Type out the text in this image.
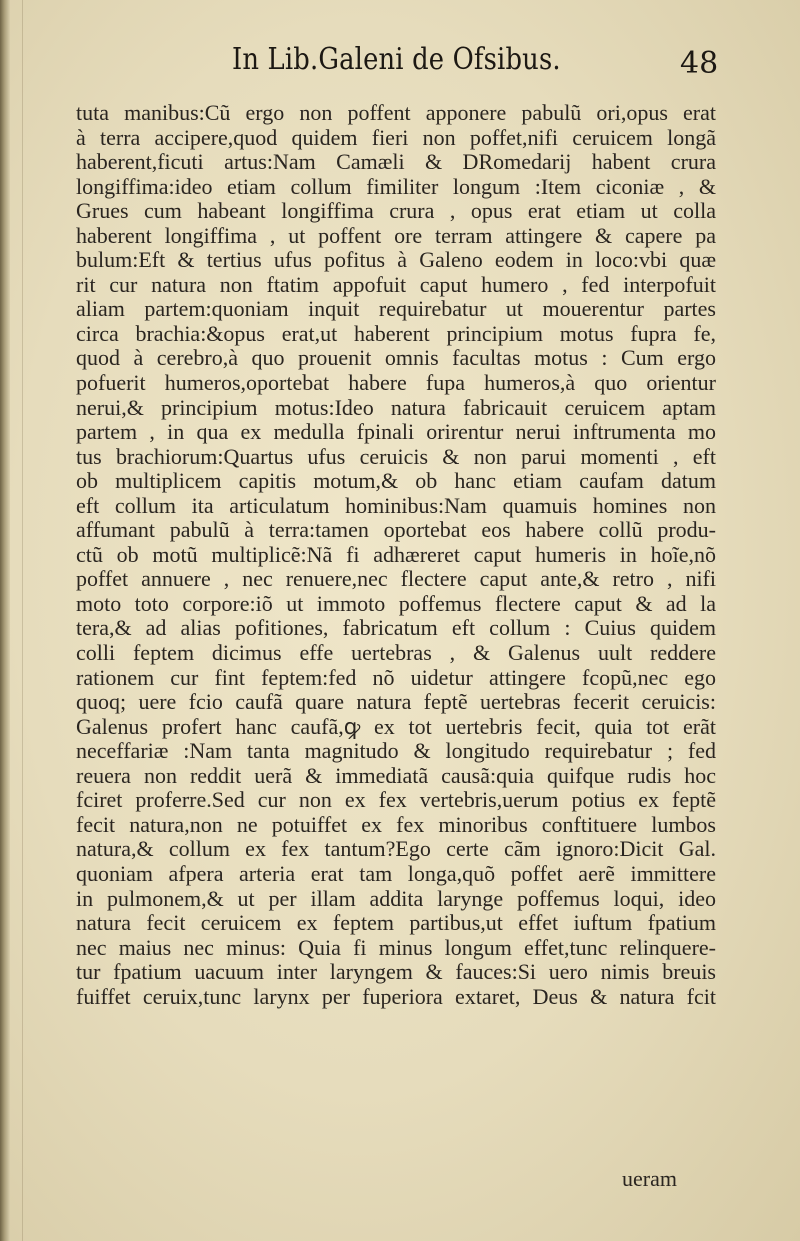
In Lib.Galeni de Ofsibus.	48
tuta manibus:Cũ ergo non poffent apponere pabulũ ori,opus erat
à terra accipere,quod quidem fieri non poffet,nifi ceruicem longã
haberent,ficuti artus:Nam Camæli & DRomedarij habent crura
longiffima:ideo etiam collum fimiliter longum :Item ciconiæ , &
Grues cum habeant longiffima crura , opus erat etiam ut colla
haberent longiffima , ut poffent ore terram attingere & capere pa
bulum:Eft & tertius ufus pofitus à Galeno eodem in loco:vbi quæ
rit cur natura non ftatim appofuit caput humero , fed interpofuit
aliam partem:quoniam inquit requirebatur ut mouerentur partes
circa brachia:&opus erat,ut haberent principium motus fupra fe,
quod à cerebro,à quo prouenit omnis facultas motus : Cum ergo
pofuerit humeros,oportebat habere fupa humeros,à quo orientur
nerui,& principium motus:Ideo natura fabricauit ceruicem aptam
partem , in qua ex medulla fpinali orirentur nerui inftrumenta mo
tus brachiorum:Quartus ufus ceruicis & non parui momenti , eft
ob multiplicem capitis motum,& ob hanc etiam caufam datum
eft collum ita articulatum hominibus:Nam quamuis homines non
affumant pabulũ à terra:tamen oportebat eos habere collũ produ-
ctũ ob motũ multiplicẽ:Nã fi adhæreret caput humeris in hoĩe,nõ
poffet annuere , nec renuere,nec flectere caput ante,& retro , nifi
moto toto corpore:iõ ut immoto poffemus flectere caput & ad la
tera,& ad alias pofitiones, fabricatum eft collum : Cuius quidem
colli feptem dicimus effe uertebras , & Galenus uult reddere
rationem cur fint feptem:fed nõ uidetur attingere fcopũ,nec ego
quoq; uere fcio caufã quare natura feptẽ uertebras fecerit ceruicis:
Galenus profert hanc caufã,ꝙ ex tot uertebris fecit, quia tot erãt
neceffariæ :Nam tanta magnitudo & longitudo requirebatur ; fed
reuera non reddit uerã & immediatã causã:quia quifque rudis hoc
fciret proferre.Sed cur non ex fex vertebris,uerum potius ex feptẽ
fecit natura,non ne potuiffet ex fex minoribus conftituere lumbos
natura,& collum ex fex tantum?Ego certe cãm ignoro:Dicit Gal.
quoniam afpera arteria erat tam longa,quõ poffet aerẽ immittere
in pulmonem,& ut per illam addita larynge poffemus loqui, ideo
natura fecit ceruicem ex feptem partibus,ut effet iuftum fpatium
nec maius nec minus: Quia fi minus longum effet,tunc relinquere-
tur fpatium uacuum inter laryngem & fauces:Si uero nimis breuis
fuiffet ceruix,tunc larynx per fuperiora extaret, Deus & natura fcit
ueram
